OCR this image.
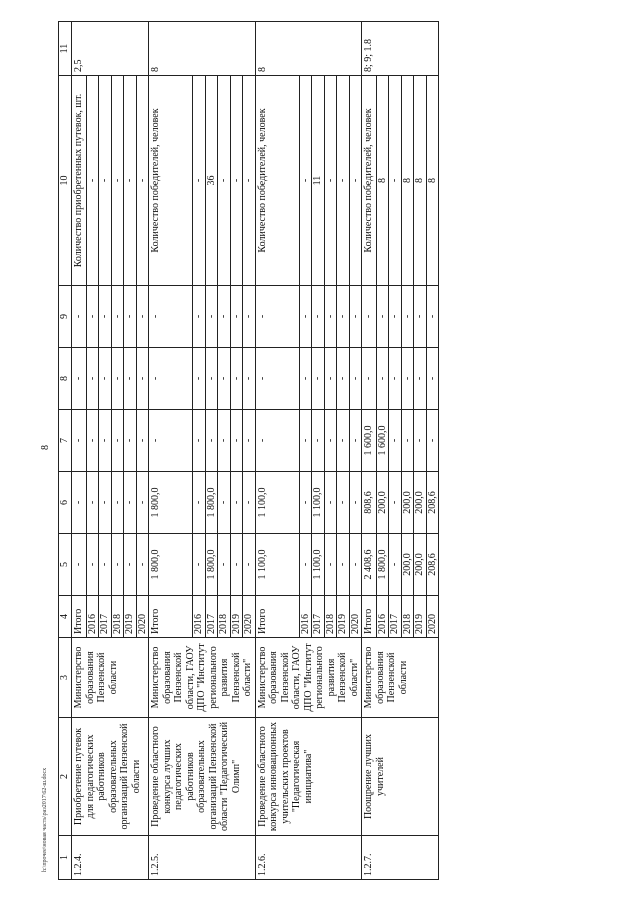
8
1	2	3	4	5	6	7	8	9	10	11
1.2.4.	Приобретение путевок для педагогических работников образовательных организаций Пензенской области	Министерство образования Пензенской области	Итого	-	-	-	-	-	Количество приобретенных путевок, шт.	2,5
			2016	-	-	-	-	-	-	
			2017	-	-	-	-	-	-	
			2018	-	-	-	-	-	-	
			2019	-	-	-	-	-	-	
			2020	-	-	-	-	-	-	
1.2.5.	Проведение областного конкурса лучших педагогических работников образовательных организаций Пензенской области "Педагогический Олимп"	Министерство образования Пензенской области, ГАОУ ДПО "Институт регионального развития Пензенской области"	Итого	1 800,0	1 800,0	-	-	-	Количество победителей, человек	8
			2016	-	-	-	-	-	-	
			2017	1 800,0	1 800,0	-	-	-	36	
			2018	-	-	-	-	-	-	
			2019	-	-	-	-	-	-	
			2020	-	-	-	-	-	-	
1.2.6.	Проведение областного конкурса инновационных учительских проектов "Педагогическая инициатива"	Министерство образования Пензенской области, ГАОУ ДПО "Институт регионального развития Пензенской области"	Итого	1 100,0	1 100,0	-	-	-	Количество победителей, человек	8
			2016	-	-	-	-	-	-	
			2017	1 100,0	1 100,0	-	-	-	11	
			2018	-	-	-	-	-	-	
			2019	-	-	-	-	-	-	
			2020	-	-	-	-	-	-	
1.2.7.	Поощрение лучших учителей	Министерство образования Пензенской области	Итого	2 408,6	808,6	1 600,0	-	-	Количество победителей, человек	8; 9; 1.8
			2016	1 800,0	200,0	1 600,0	-	-	8	
			2017	-	-	-	-	-	-	
			2018	200,0	200,0	-	-	-	8	
			2019	200,0	200,0	-	-	-	8	
			2020	208,6	208,6	-	-	-	8	
h:\прочее\новая часть\раз2017\62-ш.docx
